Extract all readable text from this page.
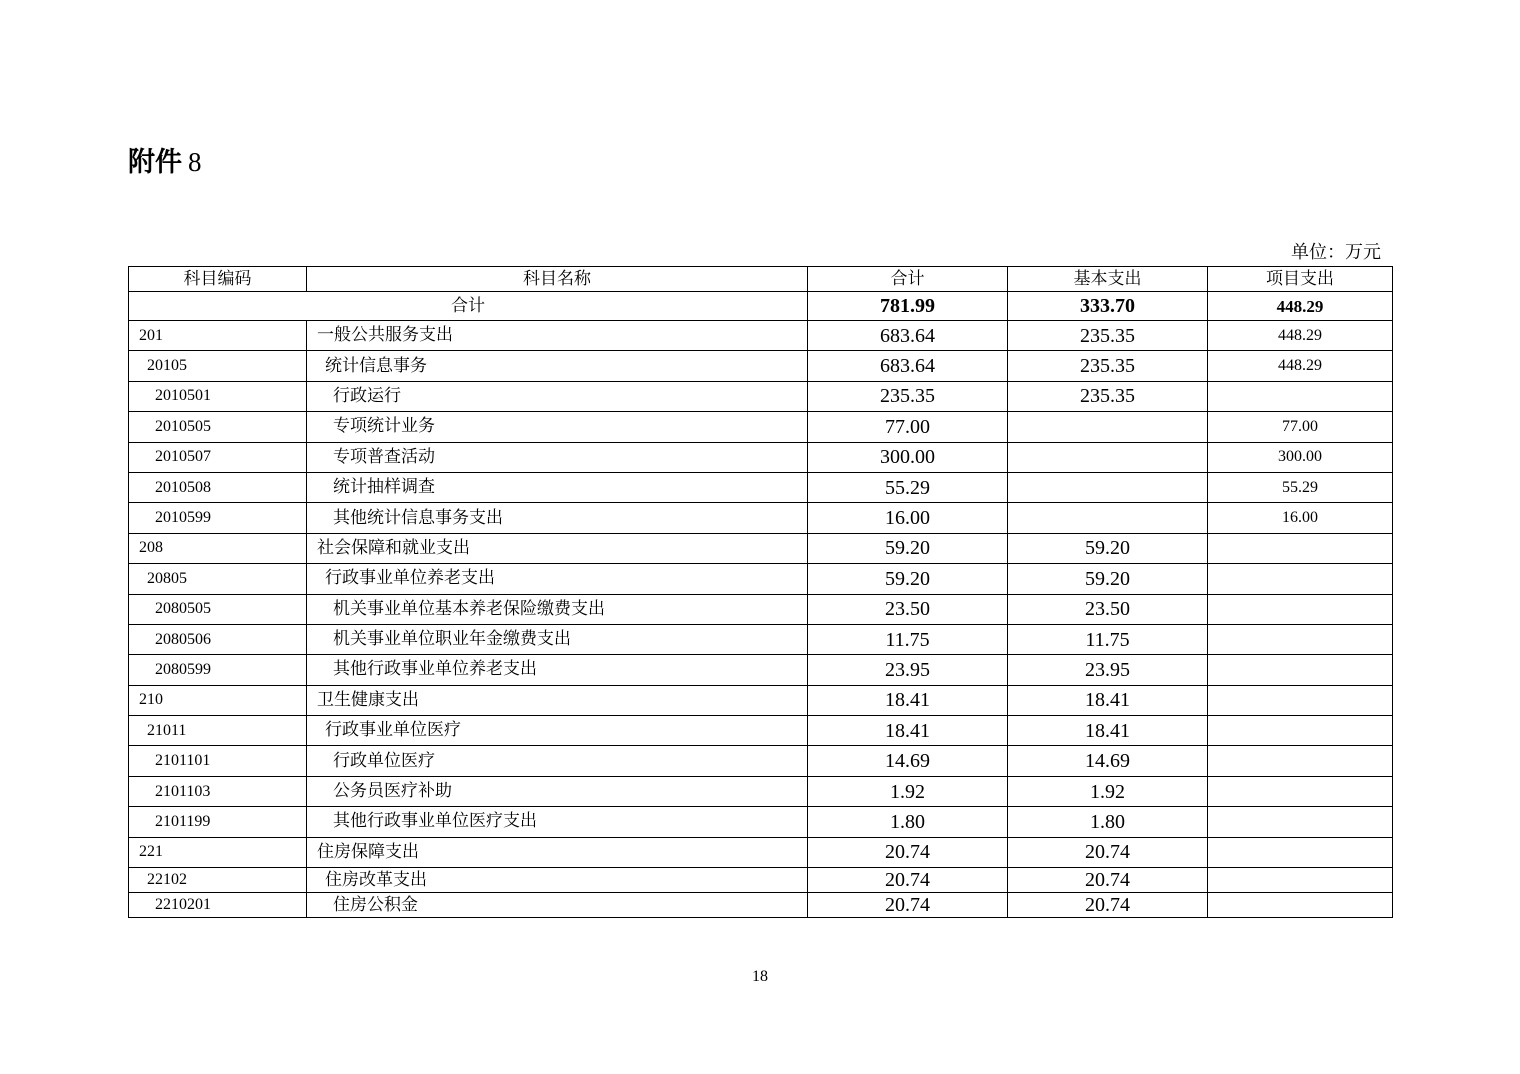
附件 8
单位：万元
科目编码	科目名称	合计	基本支出	项目支出
合计		781.99	333.70	448.29
201	一般公共服务支出	683.64	235.35	448.29
20105	统计信息事务	683.64	235.35	448.29
2010501	行政运行	235.35	235.35	
2010505	专项统计业务	77.00		77.00
2010507	专项普查活动	300.00		300.00
2010508	统计抽样调查	55.29		55.29
2010599	其他统计信息事务支出	16.00		16.00
208	社会保障和就业支出	59.20	59.20	
20805	行政事业单位养老支出	59.20	59.20	
2080505	机关事业单位基本养老保险缴费支出	23.50	23.50	
2080506	机关事业单位职业年金缴费支出	11.75	11.75	
2080599	其他行政事业单位养老支出	23.95	23.95	
210	卫生健康支出	18.41	18.41	
21011	行政事业单位医疗	18.41	18.41	
2101101	行政单位医疗	14.69	14.69	
2101103	公务员医疗补助	1.92	1.92	
2101199	其他行政事业单位医疗支出	1.80	1.80	
221	住房保障支出	20.74	20.74	
22102	住房改革支出	20.74	20.74	
2210201	住房公积金	20.74	20.74	
18
